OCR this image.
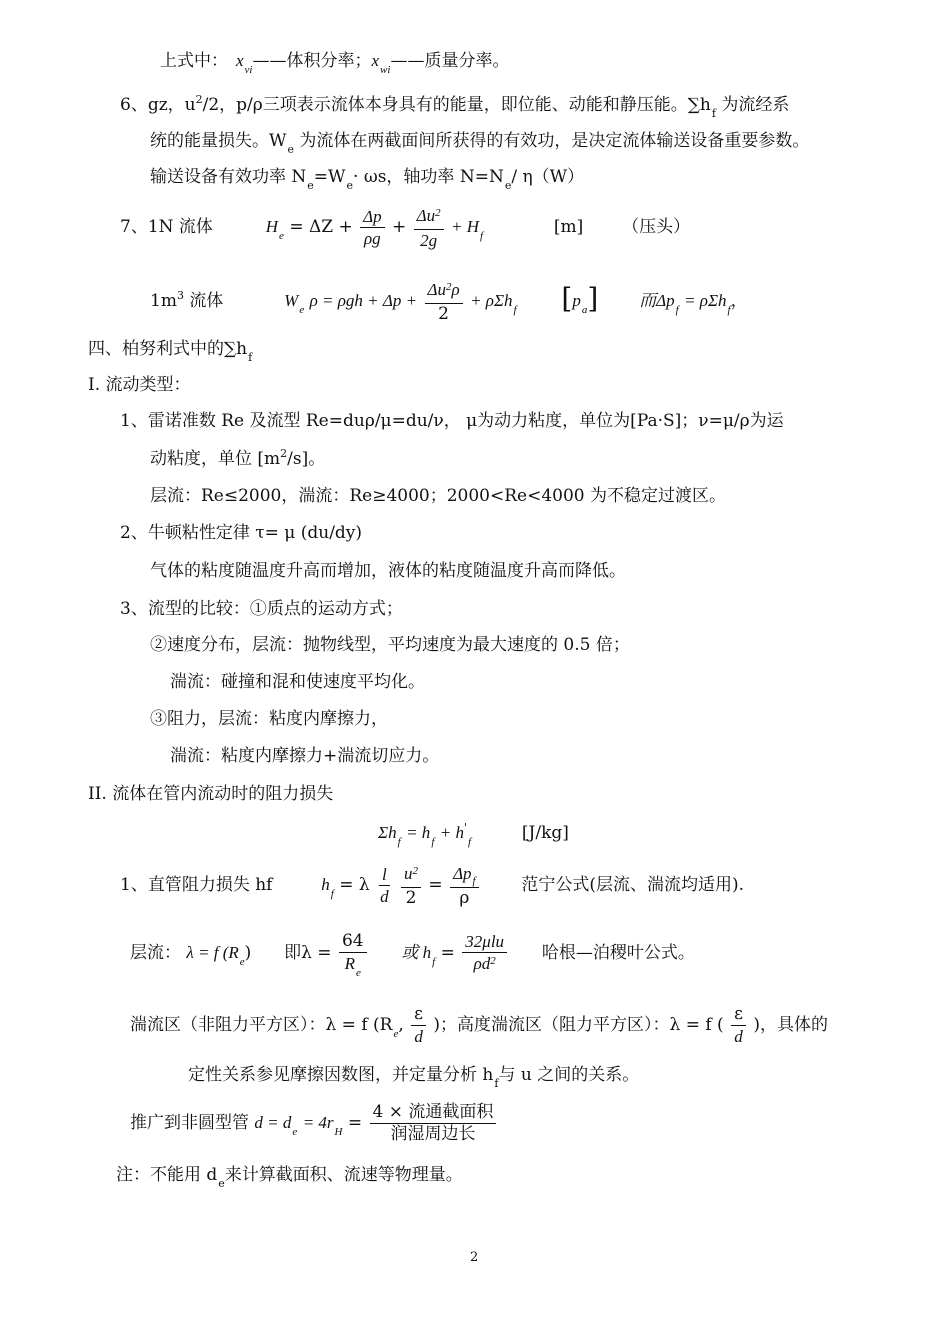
上式中： $x_{vi}——$体积分率；$x_{wi}——$质量分率。
6、gz，$u^2/2$，p/ρ三项表示流体本身具有的能量，即位能、动能和静压能。$\sum h_f$ 为流经系
统的能量损失。$W_e$ 为流体在两截面间所获得的有效功，是决定流体输送设备重要参数。
输送设备有效功率 $N_e=W_e\cdot \omega s$，轴功率 $N=N_e/$ η（W）
7、1N 流体	$H_e = \Delta Z + \frac{\Delta p}{\rho g} + \frac{\Delta u^2}{2g} + H_f$	[m] （压头）
$1m^3$ 流体	$W_e$ $\rho = \rho gh + \Delta p + \frac{\Delta u^2\rho}{2} + \rho\Sigma h_f$ $[p_a]$ 而$\Delta p_f = \rho\Sigma h_f$，
四、柏努利式中的$\sum h_f$
I. 流动类型：
1、雷诺准数 Re 及流型 Re=duρ/μ=du/ν， μ为动力粘度，单位为[Pa·S]；ν=μ/ρ为运
动粘度，单位 $[m^2/s]$。
层流：Re≤2000，湍流：Re≥4000；2000<Re<4000 为不稳定过渡区。
2、牛顿粘性定律 τ= μ (du/dy)
气体的粘度随温度升高而增加，液体的粘度随温度升高而降低。
3、流型的比较：①质点的运动方式；
②速度分布，层流：抛物线型，平均速度为最大速度的 0.5 倍；
湍流：碰撞和混和使速度平均化。
③阻力，层流：粘度内摩擦力，
湍流：粘度内摩擦力+湍流切应力。
II. 流体在管内流动时的阻力损失
$\Sigma h_f = h_f + h'_f$	[J/kg]
1、直管阻力损失 hf	$h_f = \lambda \frac{l}{d}$
$\frac{u^2}{2} = \frac{\Delta p_f}{\rho}$	范宁公式(层流、湍流均适用).
层流： λ = f $(R_e)$ 即$\lambda = \frac{64}{R_e}$ 或 $h_f = \frac{\text{32μlu}}{\rho d^2}$ 哈根—泊稷叶公式。
湍流区（非阻力平方区）：λ = f ($R_e$, $\frac{\varepsilon}{d}$ )；高度湍流区（阻力平方区）：λ = f ( $\frac{\varepsilon}{d}$ )，具体的
定性关系参见摩擦因数图，并定量分析 $h_f$与 u 之间的关系。
推广到非圆型管 $d = d_e = 4r_H = \frac{\text{4 × 流通截面积}}{\text{润湿周边长}}$
注：不能用 $d_e$来计算截面积、流速等物理量。
2
